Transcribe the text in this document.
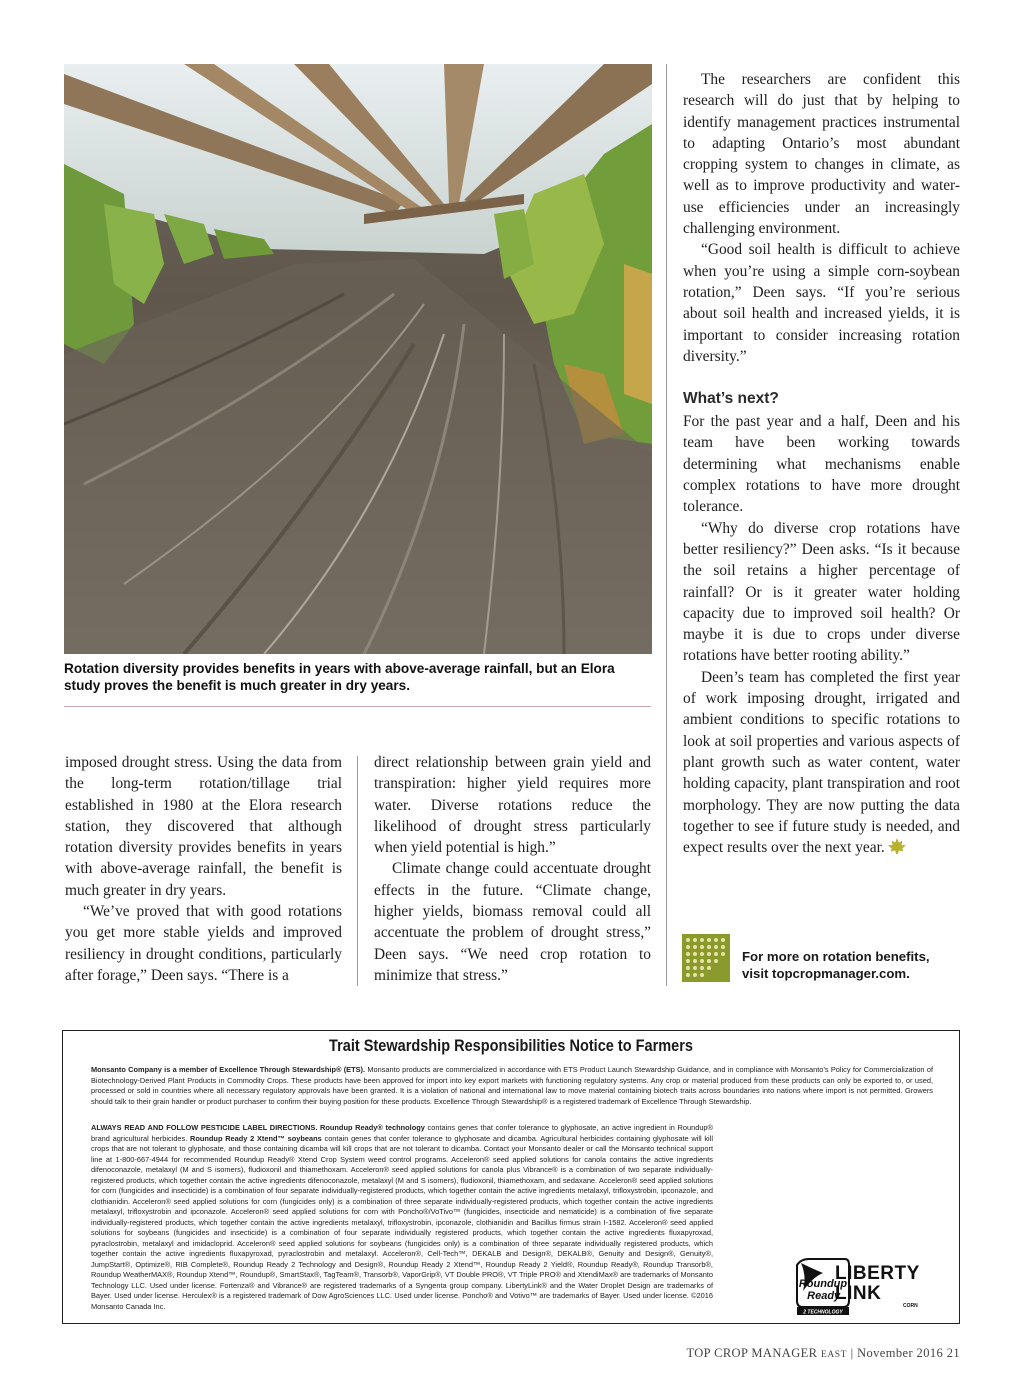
Rotation diversity provides benefits in years with above-average rainfall, but an Elora study proves the benefit is much greater in dry years.

imposed drought stress. Using the data from the long-term rotation/tillage trial established in 1980 at the Elora research station, they discovered that although rotation diversity provides benefits in years with above-average rainfall, the benefit is much greater in dry years.

“We’ve proved that with good rotations you get more stable yields and improved resiliency in drought conditions, particularly after forage,” Deen says. “There is a

direct relationship between grain yield and transpiration: higher yield requires more water. Diverse rotations reduce the likelihood of drought stress particularly when yield potential is high.”

Climate change could accentuate drought effects in the future. “Climate change, higher yields, biomass removal could all accentuate the problem of drought stress,” Deen says. “We need crop rotation to minimize that stress.”

The researchers are confident this research will do just that by helping to identify management practices instrumental to adapting Ontario’s most abundant cropping system to changes in climate, as well as to improve productivity and water-use efficiencies under an increasingly challenging environment.

“Good soil health is difficult to achieve when you’re using a simple corn-soybean rotation,” Deen says. “If you’re serious about soil health and increased yields, it is important to consider increasing rotation diversity.”

What’s next?

For the past year and a half, Deen and his team have been working towards determining what mechanisms enable complex rotations to have more drought tolerance.

“Why do diverse crop rotations have better resiliency?” Deen asks. “Is it because the soil retains a higher percentage of rainfall? Or is it greater water holding capacity due to improved soil health? Or maybe it is due to crops under diverse rotations have better rooting ability.”

Deen’s team has completed the first year of work imposing drought, irrigated and ambient conditions to specific rotations to look at soil properties and various aspects of plant growth such as water content, water holding capacity, plant transpiration and root morphology. They are now putting the data together to see if future study is needed, and expect results over the next year.

For more on rotation benefits,
visit topcropmanager.com.
Trait Stewardship Responsibilities Notice to Farmers
Monsanto Company is a member of Excellence Through Stewardship® (ETS). Monsanto products are commercialized in accordance with ETS Product Launch Stewardship Guidance, and in compliance with Monsanto’s Policy for Commercialization of Biotechnology-Derived Plant Products in Commodity Crops. These products have been approved for import into key export markets with functioning regulatory systems. Any crop or material produced from these products can only be exported to, or used, processed or sold in countries where all necessary regulatory approvals have been granted. It is a violation of national and international law to move material containing biotech traits across boundaries into nations where import is not permitted. Growers should talk to their grain handler or product purchaser to confirm their buying position for these products. Excellence Through Stewardship® is a registered trademark of Excellence Through Stewardship.
ALWAYS READ AND FOLLOW PESTICIDE LABEL DIRECTIONS. Roundup Ready® technology contains genes that confer tolerance to glyphosate, an active ingredient in Roundup® brand agricultural herbicides. Roundup Ready 2 Xtend™ soybeans contain genes that confer tolerance to glyphosate and dicamba. Agricultural herbicides containing glyphosate will kill crops that are not tolerant to glyphosate, and those containing dicamba will kill crops that are not tolerant to dicamba. Contact your Monsanto dealer or call the Monsanto technical support line at 1-800-667-4944 for recommended Roundup Ready® Xtend Crop System weed control programs. Acceleron® seed applied solutions for canola contains the active ingredients difenoconazole, metalaxyl (M and S isomers), fludioxonil and thiamethoxam. Acceleron® seed applied solutions for canola plus Vibrance® is a combination of two separate individually-registered products, which together contain the active ingredients difenoconazole, metalaxyl (M and S isomers), fludioxonil, thiamethoxam, and sedaxane. Acceleron® seed applied solutions for corn (fungicides and insecticide) is a combination of four separate individually-registered products, which together contain the active ingredients metalaxyl, trifloxystrobin, ipconazole, and clothianidin. Acceleron® seed applied solutions for corn (fungicides only) is a combination of three separate individually-registered products, which together contain the active ingredients metalaxyl, trifloxystrobin and ipconazole. Acceleron® seed applied solutions for corn with Poncho®/VoTivo™ (fungicides, insecticide and nematicide) is a combination of five separate individually-registered products, which together contain the active ingredients metalaxyl, trifloxystrobin, ipconazole, clothianidin and Bacillus firmus strain I-1582. Acceleron® seed applied solutions for soybeans (fungicides and insecticide) is a combination of four separate individually registered products, which together contain the active ingredients fluxapyroxad, pyraclostrobin, metalaxyl and imidacloprid. Acceleron® seed applied solutions for soybeans (fungicides only) is a combination of three separate individually registered products, which together contain the active ingredients fluxapyroxad, pyraclostrobin and metalaxyl. Acceleron®, Cell-Tech™, DEKALB and Design®, DEKALB®, Genuity and Design®, Genuity®, JumpStart®, Optimize®, RIB Complete®, Roundup Ready 2 Technology and Design®, Roundup Ready 2 Xtend™, Roundup Ready 2 Yield®, Roundup Ready®, Roundup Transorb®, Roundup WeatherMAX®, Roundup Xtend™, Roundup®, SmartStax®, TagTeam®, Transorb®, VaporGrip®, VT Double PRO®, VT Triple PRO® and XtendiMax® are trademarks of Monsanto Technology LLC. Used under license. Fortenza® and Vibrance® are registered trademarks of a Syngenta group company. LibertyLink® and the Water Droplet Design are trademarks of Bayer. Used under license. Herculex® is a registered trademark of Dow AgroSciences LLC. Used under license. Poncho® and Votivo™ are trademarks of Bayer. Used under license. ©2016 Monsanto Canada Inc.
Roundup
Ready.
2 TECHNOLOGY
LIBERTY
LINK
CORN
TOP CROP MANAGER EAST | November 2016 21
